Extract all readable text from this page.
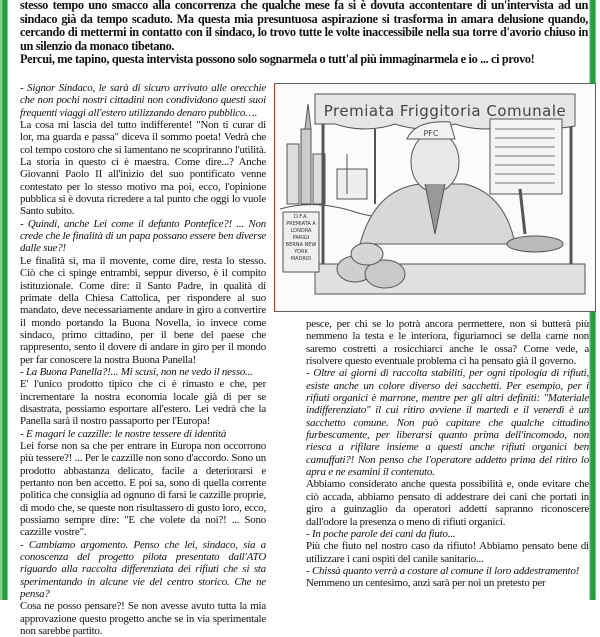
stesso tempo uno smacco alla concorrenza che qualche mese fa si è dovuta accontentare di un'intervista ad un sindaco già da tempo scaduto. Ma questa mia presuntuosa aspirazione si trasforma in amara delusione quando, cercando di mettermi in contatto con il sindaco, lo trovo tutte le volte inaccessibile nella sua torre d'avorio chiuso in un silenzio da monaco tibetano.

Percui, me tapino, questa intervista possono solo sognarmela o tutt'al più immaginarmela e io ... ci provo!

- Signor Sindaco, le sarà di sicuro arrivato alle orecchie che non pochi nostri cittadini non condividono questi suoi frequenti viaggi all'estero utilizzando denaro pubblico….

La cosa mi lascia del tutto indifferente! "Non ti curar di lor, ma guarda e passa" diceva il sommo poeta! Vedrà che col tempo costoro che si lamentano ne scopriranno l'utilità. La storia in questo ci è maestra. Come dire...? Anche Giovanni Paolo II all'inizio del suo pontificato venne contestato per lo stesso motivo ma poi, ecco, l'opinione pubblica si è dovuta ricredere a tal punto che oggi lo vuole Santo subito.

- Quindi, anche Lei come il defunto Pontefice?! ... Non crede che le finalità di un papa possano essere ben diverse dalle sue?!

Le finalità sì, ma il movente, come dire, resta lo stesso. Ciò che ci spinge entrambi, seppur diverso, è il compito istituzionale. Come dire: il Santo Padre, in qualità di primate della Chiesa Cattolica, per rispondere al suo mandato, deve necessariamente andare in giro a convertire il mondo portando la Buona Novella, io invece come sindaco, primo cittadino, per il bene del paese che rappresento, sento il dovere di andare in giro per il mondo per far conoscere la nostra Buona Panella!

- La Buona Panella?!... Mi scusi, non ne vedo il nesso...

E' l'unico prodotto tipico che ci è rimasto e che, per incrementare la nostra economia locale già di per se disastrata, possiamo esportare all'estero. Lei vedrà che la Panella sarà il nostro passaporto per l'Europa!

- E magari le cazzille: le nostre tessere di identità

Lei forse non sa che per entrare in Europa non occorrono più tessere?! ... Per le cazzille non sono d'accordo. Sono un prodotto abbastanza delicato, facile a deteriorarsi e pertanto non ben accetto. E poi sa, sono di quella corrente politica che consiglia ad ognuno di farsi le cazzille proprie, di modo che, se queste non risultassero di gusto loro, ecco, possiamo sempre dire: "E che volete da noi?! ... Sono cazzille vostre".

- Cambiamo argomento. Penso che lei, sindaco, sia a conoscenza del progetto pilota presentato dall'ATO riguardo alla raccolta differenziata dei rifiuti che si sta sperimentando in alcune vie del centro storico. Che ne pensa?

Cosa ne posso pensare?! Se non avesse avuto tutta la mia approvazione questo progetto anche se in via sperimentale non sarebbe partito.

Premiata Friggitoria Comunale
PFC
D.F.A. PREMIATA A LONDRA PARIGI BERNA NEW YORK MADRID

pesce, per chi se lo potrà ancora permettere, non si butterà più nemmeno la testa e le interiora, figuriamoci se della carne non saremo costretti a rosicchiarci anche le ossa? Come vede, a risolvere questo eventuale problema ci ha pensato già il governo.

- Oltre ai giorni di raccolta stabiliti, per ogni tipologia di rifiuti, esiste anche un colore diverso dei sacchetti. Per esempio, per i rifiuti organici è marrone, mentre per gli altri definiti: "Materiale indifferenziato" il cui ritiro avviene il martedì e il venerdì è un sacchetto comune. Non può capitare che qualche cittadino furbescamente, per liberarsi quanto prima dell'incomodo, non riesca a rifilare insieme a questi anche rifiuti organici ben camuffati?! Non penso che l'operatore addetto prima del ritiro lo apra e ne esamini il contenuto.

Abbiamo considerato anche questa possibilità e, onde evitare che ciò accada, abbiamo pensato di addestrare dei cani che portati in giro a guinzaglio da operatori addetti sapranno riconoscere dall'odore la presenza o meno di rifiuti organici.

- In poche parole dei cani da fiuto...

Più che fiuto nel nostro caso da rifiuto! Abbiamo pensato bene di utilizzare i cani ospiti del canile sanitario...

- Chissà quanto verrà a costare al comune il loro addestramento!

Nemmeno un centesimo, anzi sarà per noi un pretesto per
